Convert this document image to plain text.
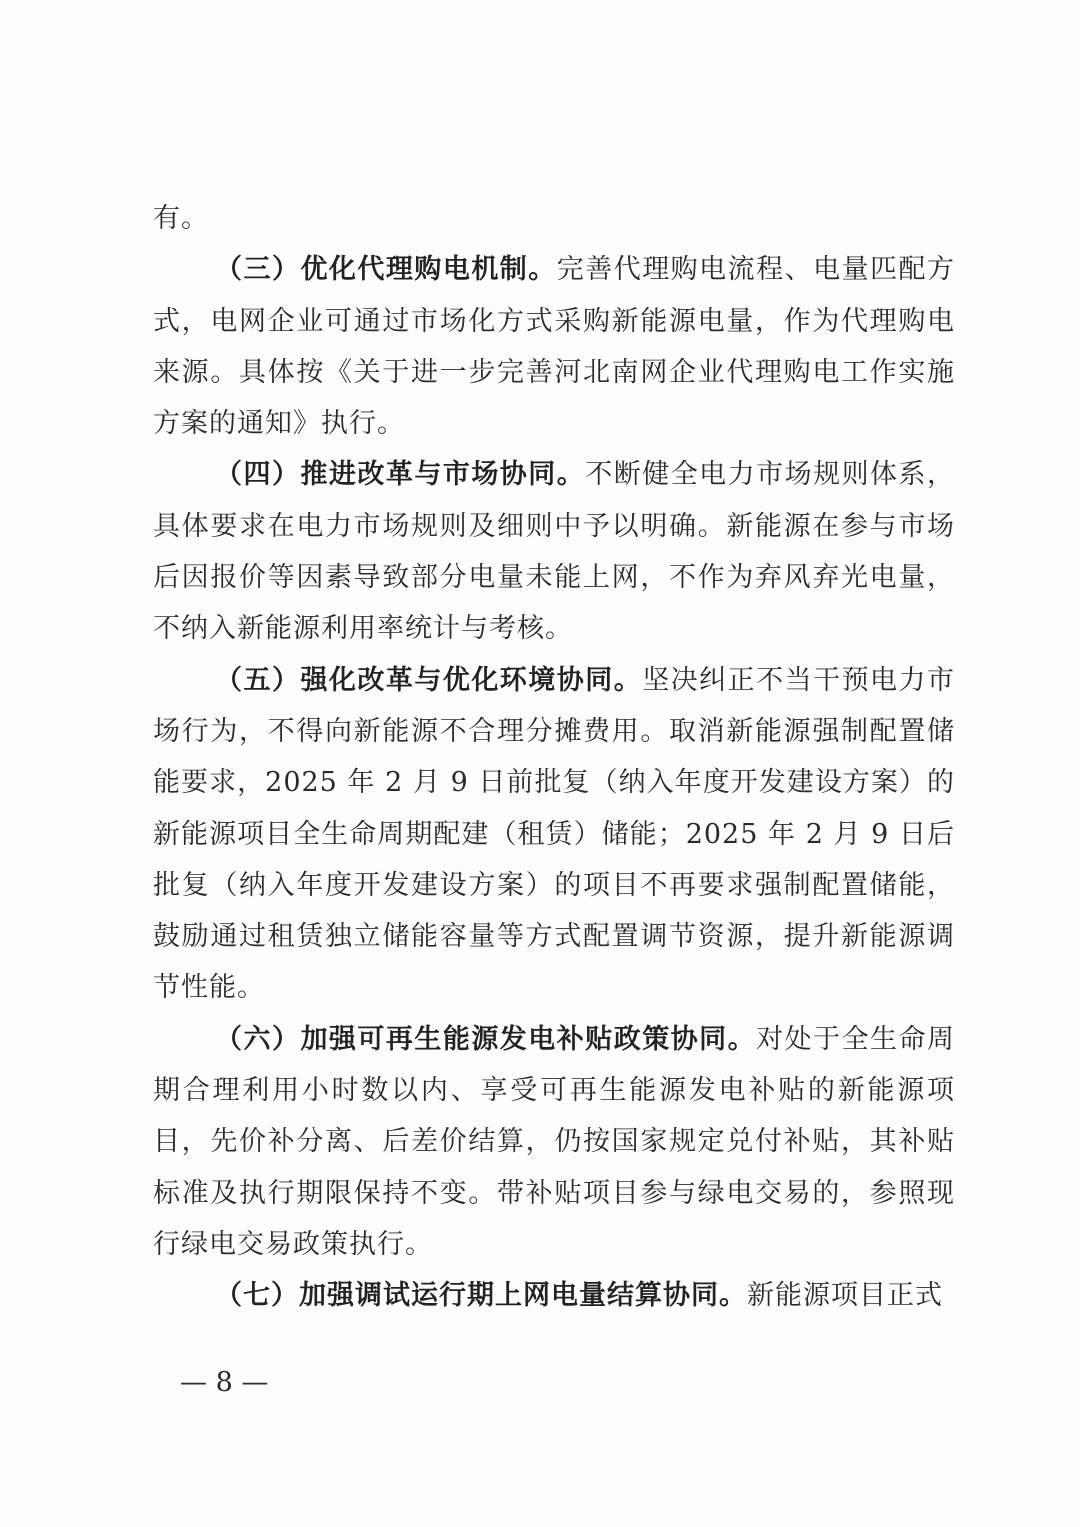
有。

（三）优化代理购电机制。完善代理购电流程、电量匹配方式，电网企业可通过市场化方式采购新能源电量，作为代理购电来源。具体按《关于进一步完善河北南网企业代理购电工作实施方案的通知》执行。

（四）推进改革与市场协同。不断健全电力市场规则体系，具体要求在电力市场规则及细则中予以明确。新能源在参与市场后因报价等因素导致部分电量未能上网，不作为弃风弃光电量，不纳入新能源利用率统计与考核。

（五）强化改革与优化环境协同。坚决纠正不当干预电力市场行为，不得向新能源不合理分摊费用。取消新能源强制配置储能要求，2025 年 2 月 9 日前批复（纳入年度开发建设方案）的新能源项目全生命周期配建（租赁）储能；2025 年 2 月 9 日后批复（纳入年度开发建设方案）的项目不再要求强制配置储能，鼓励通过租赁独立储能容量等方式配置调节资源，提升新能源调节性能。

（六）加强可再生能源发电补贴政策协同。对处于全生命周期合理利用小时数以内、享受可再生能源发电补贴的新能源项目，先价补分离、后差价结算，仍按国家规定兑付补贴，其补贴标准及执行期限保持不变。带补贴项目参与绿电交易的，参照现行绿电交易政策执行。

（七）加强调试运行期上网电量结算协同。新能源项目正式

— 8 —
